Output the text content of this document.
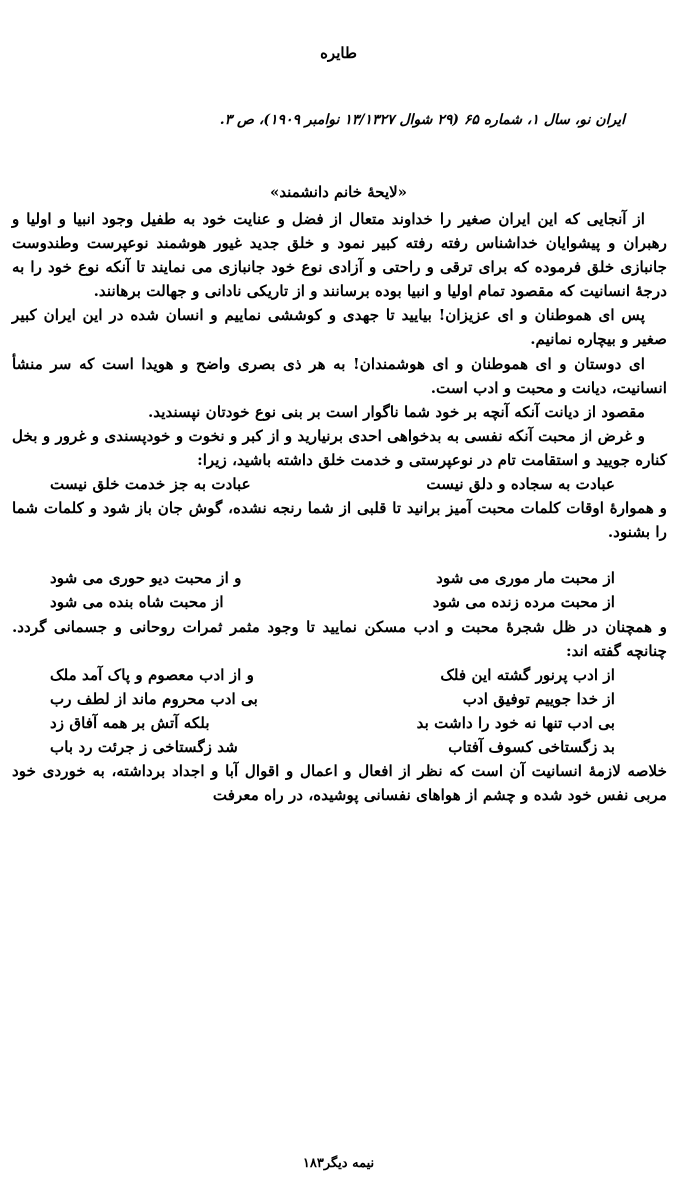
طایره
ایران نو، سال ۱، شماره ۶۵ (۲۹ شوال ۱۳/۱۳۲۷ نوامبر ۱۹۰۹)، ص ۳.
«لایحهٔ خانم دانشمند»

از آنجایی که این ایران صغیر را خداوند متعال از فضل و عنایت خود به طفیل وجود انبیا و اولیا و رهبران و پیشوایان خداشناس رفته رفته کبیر نمود و خلق جدید غیور هوشمند نوعپرست وطندوست جانبازی خلق فرموده که برای ترقی و راحتی و آزادی نوع خود جانبازی می نمایند تا آنکه نوع خود را به درجهٔ انسانیت که مقصود تمام اولیا و انبیا بوده برسانند و از تاریکی نادانی و جهالت برهانند.

پس ای هموطنان و ای عزیزان! بیایید تا جهدی و کوششی نماییم و انسان شده در این ایران کبیر صغیر و بیچاره نمانیم.

ای دوستان و ای هموطنان و ای هوشمندان! به هر ذی بصری واضح و هویدا است که سر منشأ انسانیت، دیانت و محبت و ادب است.

مقصود از دیانت آنکه آنچه بر خود شما ناگوار است بر بنی نوع خودتان نپسندید.

و غرض از محبت آنکه نفسی به بدخواهی احدی برنیارید و از کبر و نخوت و خودپسندی و غرور و بخل کناره جویید و استقامت تام در نوعپرستی و خدمت خلق داشته باشید، زیرا:

عبادت به سجاده و دلق نیست
عبادت به جز خدمت خلق نیست

و هموارهٔ اوقات کلمات محبت آمیز برانید تا قلبی از شما رنجه نشده، گوش جان باز شود و کلمات شما را بشنود.

از محبت مار موری می شود
و از محبت دیو حوری می شود
از محبت مرده زنده می شود
از محبت شاه بنده می شود

و همچنان در ظل شجرهٔ محبت و ادب مسکن نمایید تا وجود مثمر ثمرات روحانی و جسمانی گردد. چنانچه گفته اند:

از ادب پرنور گشته این فلک
و از ادب معصوم و پاک آمد ملک
از خدا جوییم توفیق ادب
بی ادب محروم ماند از لطف رب
بی ادب تنها نه خود را داشت بد
بلکه آتش بر همه آفاق زد
بد زگستاخی کسوف آفتاب
شد زگستاخی ز جرئت رد باب

خلاصه لازمهٔ انسانیت آن است که نظر از افعال و اعمال و اقوال آبا و اجداد برداشته، به خوردی خود مربی نفس خود شده و چشم از هواهای نفسانی پوشیده، در راه معرفت

نیمه دیگر۱۸۳
